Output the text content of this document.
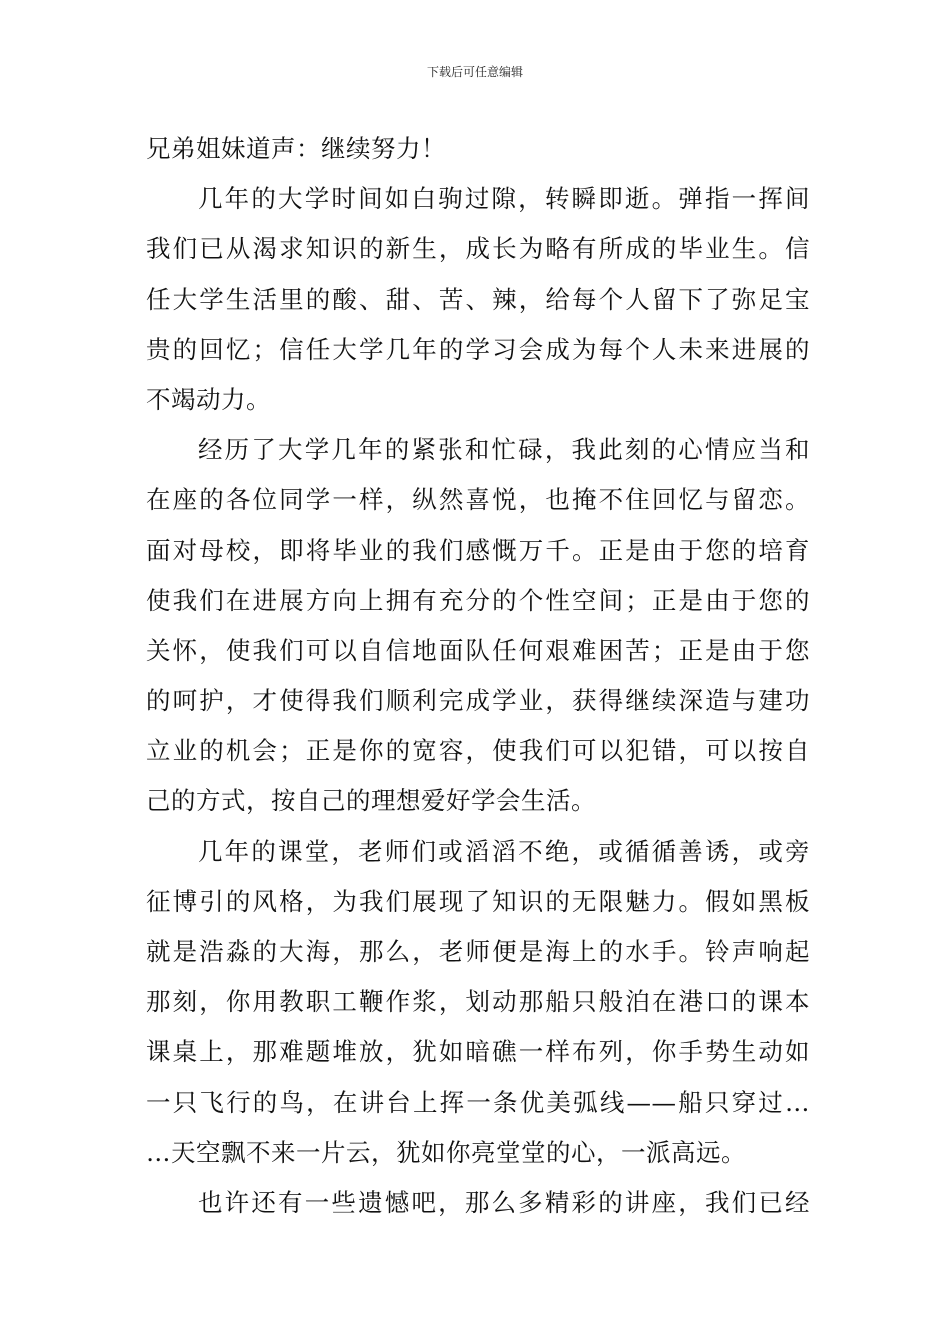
下载后可任意编辑
兄弟姐妹道声：继续努力！
几年的大学时间如白驹过隙，转瞬即逝。弹指一挥间
我们已从渴求知识的新生，成长为略有所成的毕业生。信
任大学生活里的酸、甜、苦、辣，给每个人留下了弥足宝
贵的回忆；信任大学几年的学习会成为每个人未来进展的
不竭动力。
经历了大学几年的紧张和忙碌，我此刻的心情应当和
在座的各位同学一样，纵然喜悦，也掩不住回忆与留恋。
面对母校，即将毕业的我们感慨万千。正是由于您的培育
使我们在进展方向上拥有充分的个性空间；正是由于您的
关怀，使我们可以自信地面队任何艰难困苦；正是由于您
的呵护，才使得我们顺利完成学业，获得继续深造与建功
立业的机会；正是你的宽容，使我们可以犯错，可以按自
己的方式，按自己的理想爱好学会生活。
几年的课堂，老师们或滔滔不绝，或循循善诱，或旁
征博引的风格，为我们展现了知识的无限魅力。假如黑板
就是浩淼的大海，那么，老师便是海上的水手。铃声响起
那刻，你用教职工鞭作浆，划动那船只般泊在港口的课本
课桌上，那难题堆放，犹如暗礁一样布列，你手势生动如
一只飞行的鸟，在讲台上挥一条优美弧线——船只穿过…
…天空飘不来一片云，犹如你亮堂堂的心，一派高远。
也许还有一些遗憾吧，那么多精彩的讲座，我们已经
